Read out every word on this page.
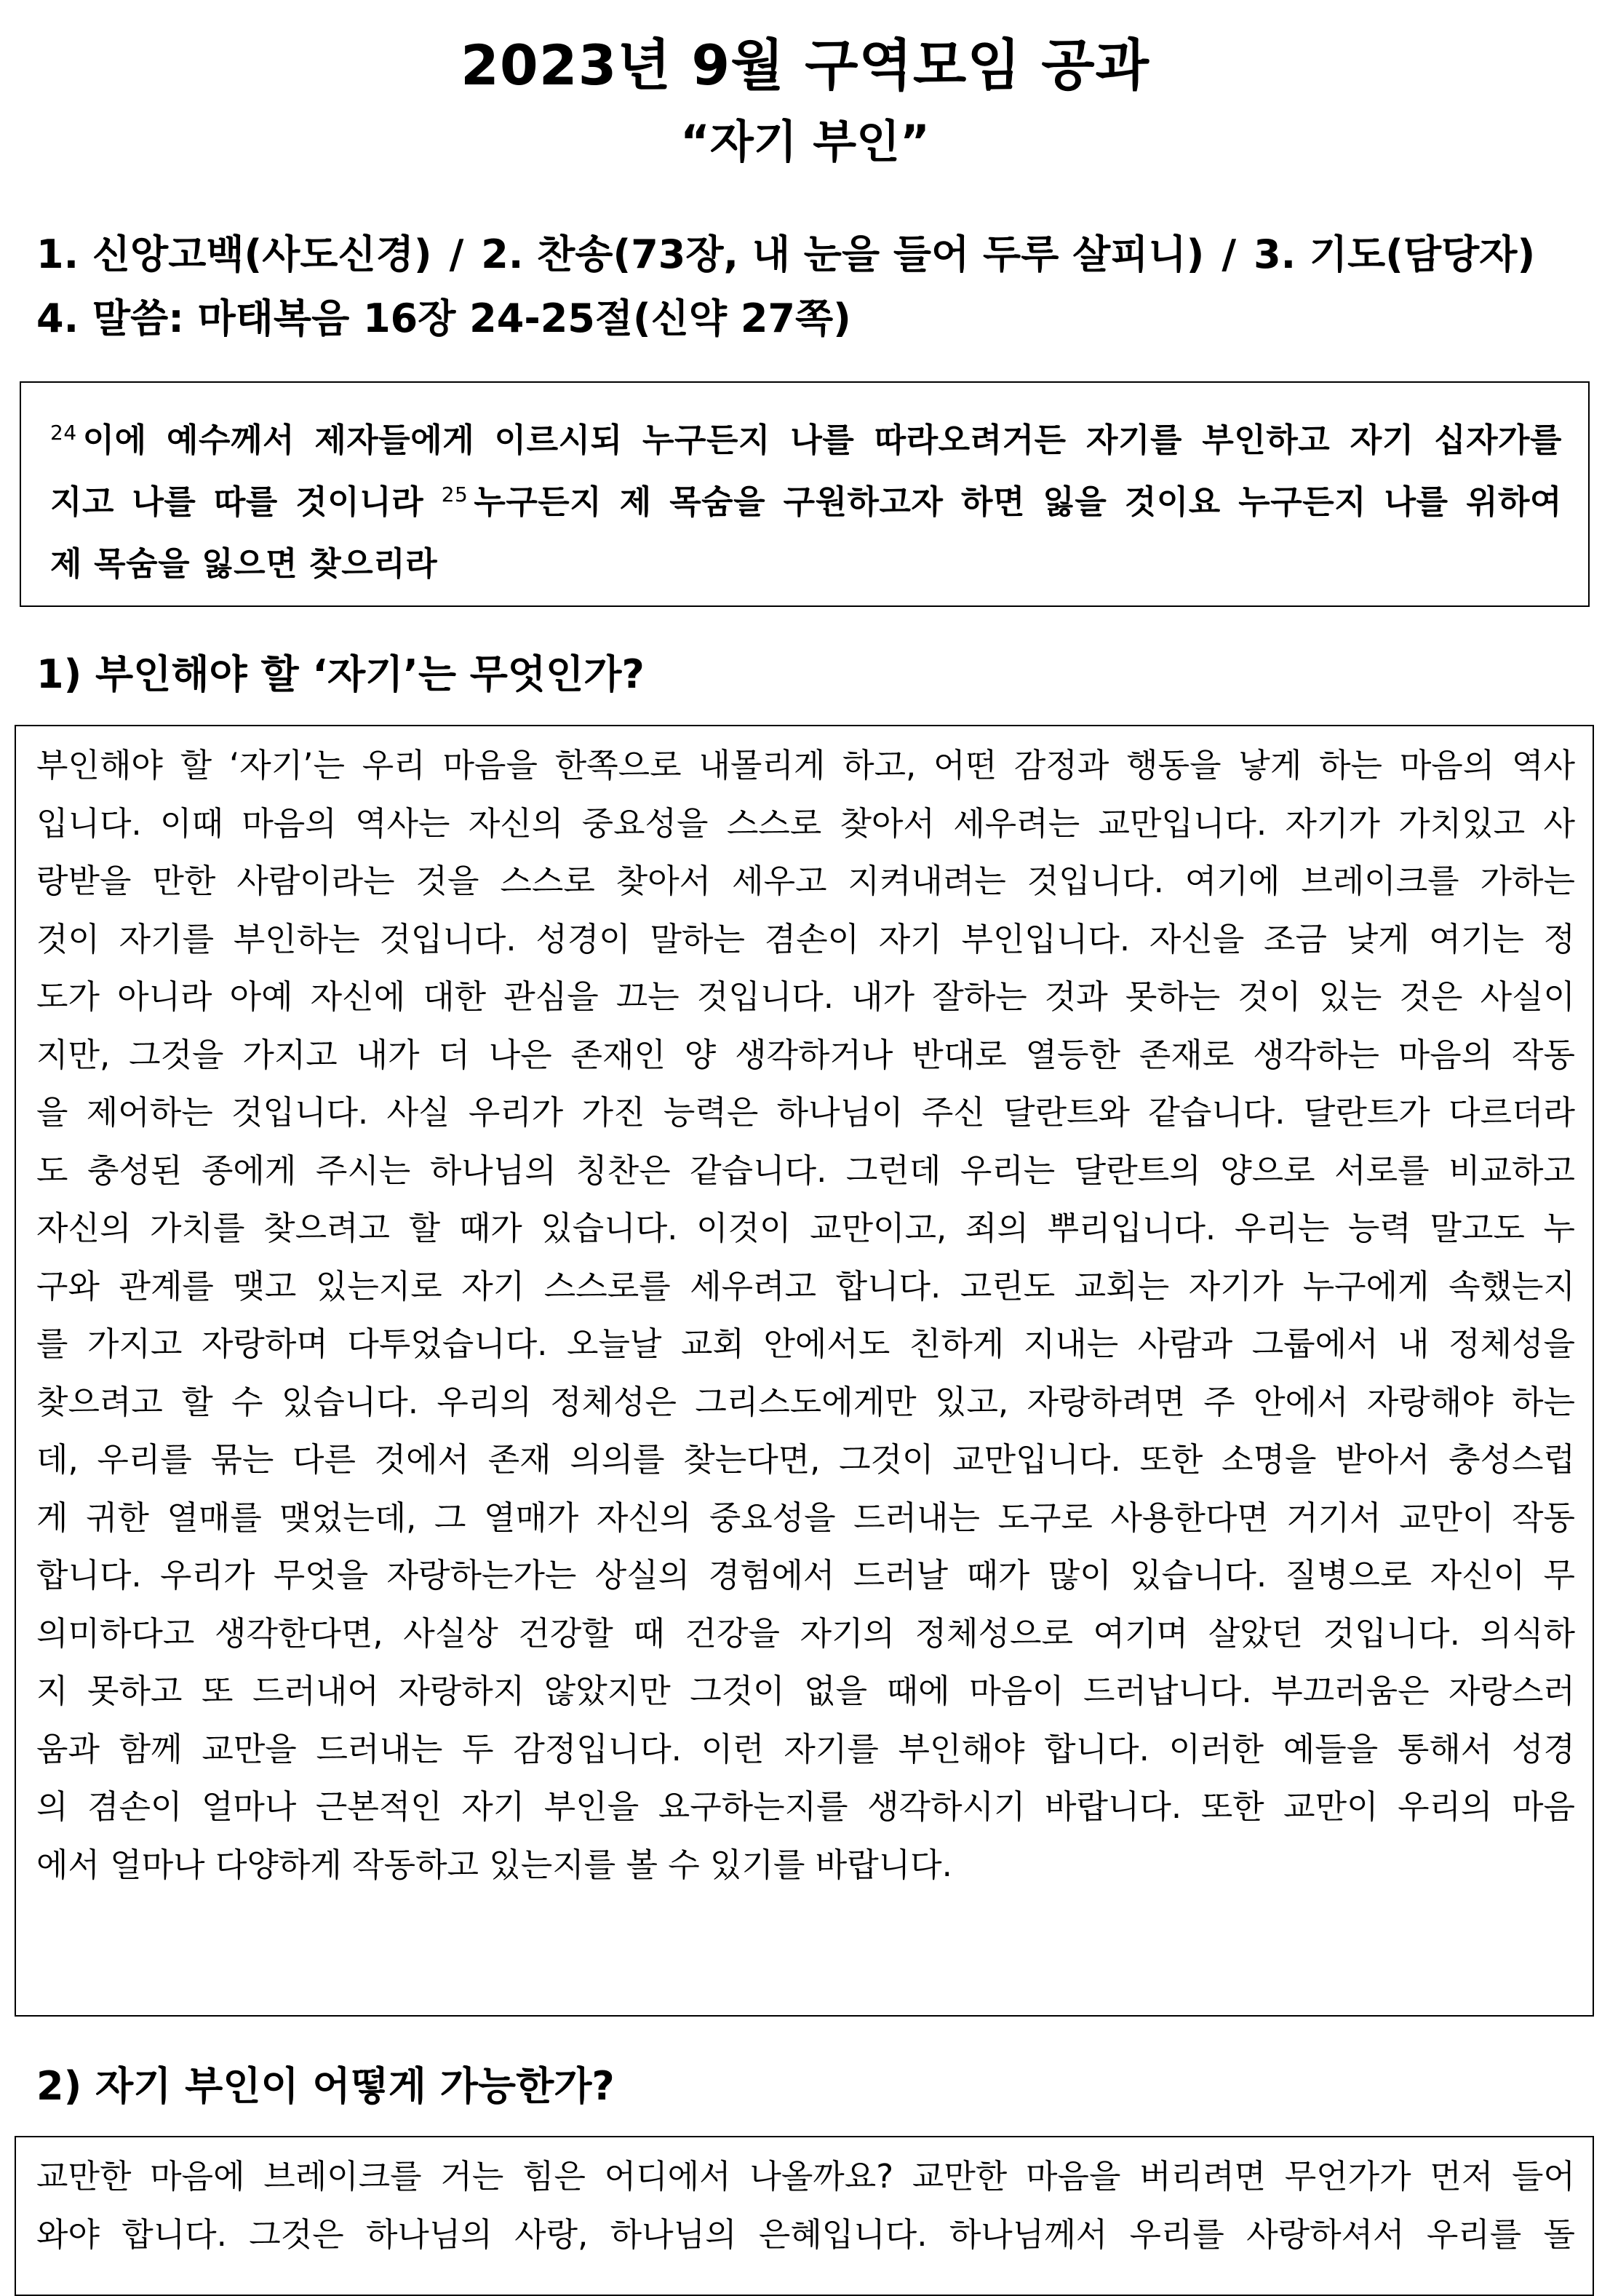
2023년 9월 구역모임 공과
“자기 부인”
1. 신앙고백(사도신경) / 2. 찬송(73장, 내 눈을 들어 두루 살피니) / 3. 기도(담당자)
4. 말씀: 마태복음 16장 24-25절(신약 27쪽)
$^{24}$ 이에 예수께서 제자들에게 이르시되 누구든지 나를 따라오려거든 자기를 부인하고 자기 십자가를
지고 나를 따를 것이니라 $^{25}$ 누구든지 제 목숨을 구원하고자 하면 잃을 것이요 누구든지 나를 위하여
제 목숨을 잃으면 찾으리라
1) 부인해야 할 ‘자기’는 무엇인가?
부인해야 할 ‘자기’는 우리 마음을 한쪽으로 내몰리게 하고, 어떤 감정과 행동을 낳게 하는 마음의 역사
입니다. 이때 마음의 역사는 자신의 중요성을 스스로 찾아서 세우려는 교만입니다. 자기가 가치있고 사
랑받을 만한 사람이라는 것을 스스로 찾아서 세우고 지켜내려는 것입니다. 여기에 브레이크를 가하는
것이 자기를 부인하는 것입니다. 성경이 말하는 겸손이 자기 부인입니다. 자신을 조금 낮게 여기는 정
도가 아니라 아예 자신에 대한 관심을 끄는 것입니다. 내가 잘하는 것과 못하는 것이 있는 것은 사실이
지만, 그것을 가지고 내가 더 나은 존재인 양 생각하거나 반대로 열등한 존재로 생각하는 마음의 작동
을 제어하는 것입니다. 사실 우리가 가진 능력은 하나님이 주신 달란트와 같습니다. 달란트가 다르더라
도 충성된 종에게 주시는 하나님의 칭찬은 같습니다. 그런데 우리는 달란트의 양으로 서로를 비교하고
자신의 가치를 찾으려고 할 때가 있습니다. 이것이 교만이고, 죄의 뿌리입니다. 우리는 능력 말고도 누
구와 관계를 맺고 있는지로 자기 스스로를 세우려고 합니다. 고린도 교회는 자기가 누구에게 속했는지
를 가지고 자랑하며 다투었습니다. 오늘날 교회 안에서도 친하게 지내는 사람과 그룹에서 내 정체성을
찾으려고 할 수 있습니다. 우리의 정체성은 그리스도에게만 있고, 자랑하려면 주 안에서 자랑해야 하는
데, 우리를 묶는 다른 것에서 존재 의의를 찾는다면, 그것이 교만입니다. 또한 소명을 받아서 충성스럽
게 귀한 열매를 맺었는데, 그 열매가 자신의 중요성을 드러내는 도구로 사용한다면 거기서 교만이 작동
합니다. 우리가 무엇을 자랑하는가는 상실의 경험에서 드러날 때가 많이 있습니다. 질병으로 자신이 무
의미하다고 생각한다면, 사실상 건강할 때 건강을 자기의 정체성으로 여기며 살았던 것입니다. 의식하
지 못하고 또 드러내어 자랑하지 않았지만 그것이 없을 때에 마음이 드러납니다. 부끄러움은 자랑스러
움과 함께 교만을 드러내는 두 감정입니다. 이런 자기를 부인해야 합니다. 이러한 예들을 통해서 성경
의 겸손이 얼마나 근본적인 자기 부인을 요구하는지를 생각하시기 바랍니다. 또한 교만이 우리의 마음
에서 얼마나 다양하게 작동하고 있는지를 볼 수 있기를 바랍니다.
2) 자기 부인이 어떻게 가능한가?
교만한 마음에 브레이크를 거는 힘은 어디에서 나올까요? 교만한 마음을 버리려면 무언가가 먼저 들어
와야 합니다. 그것은 하나님의 사랑, 하나님의 은혜입니다. 하나님께서 우리를 사랑하셔서 우리를 돌
